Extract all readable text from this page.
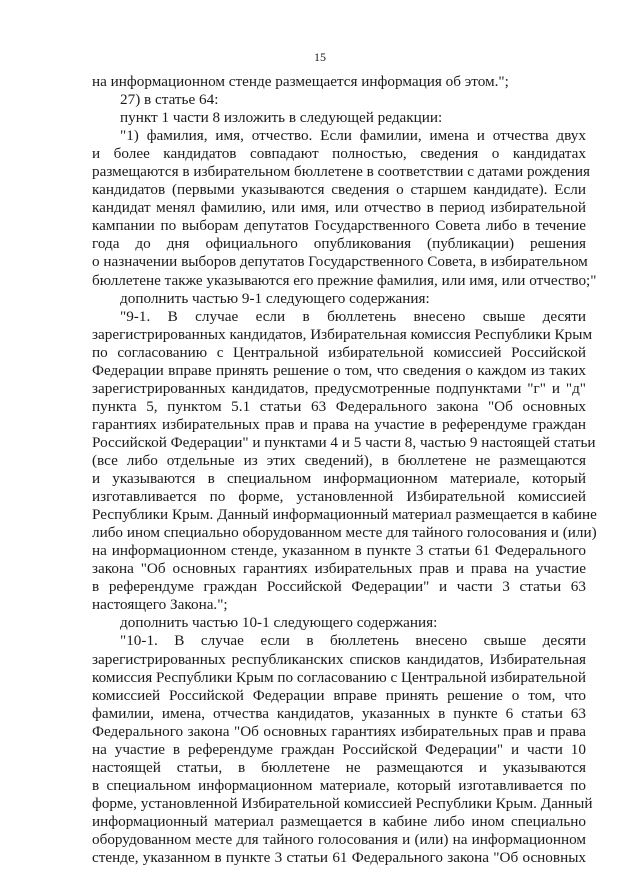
15
на информационном стенде размещается информация об этом.";
27) в статье 64:
пункт 1 части 8 изложить в следующей редакции:
"1) фамилия, имя, отчество. Если фамилии, имена и отчества двух
и более кандидатов совпадают полностью, сведения о кандидатах
размещаются в избирательном бюллетене в соответствии с датами рождения
кандидатов (первыми указываются сведения о старшем кандидате). Если
кандидат менял фамилию, или имя, или отчество в период избирательной
кампании по выборам депутатов Государственного Совета либо в течение
года до дня официального опубликования (публикации) решения
о назначении выборов депутатов Государственного Совета, в избирательном
бюллетене также указываются его прежние фамилия, или имя, или отчество;"
дополнить частью 9-1 следующего содержания:
"9-1. В случае если в бюллетень внесено свыше десяти
зарегистрированных кандидатов, Избирательная комиссия Республики Крым
по согласованию с Центральной избирательной комиссией Российской
Федерации вправе принять решение о том, что сведения о каждом из таких
зарегистрированных кандидатов, предусмотренные подпунктами "г" и "д"
пункта 5, пунктом 5.1 статьи 63 Федерального закона "Об основных
гарантиях избирательных прав и права на участие в референдуме граждан
Российской Федерации" и пунктами 4 и 5 части 8, частью 9 настоящей статьи
(все либо отдельные из этих сведений), в бюллетене не размещаются
и указываются в специальном информационном материале, который
изготавливается по форме, установленной Избирательной комиссией
Республики Крым. Данный информационный материал размещается в кабине
либо ином специально оборудованном месте для тайного голосования и (или)
на информационном стенде, указанном в пункте 3 статьи 61 Федерального
закона "Об основных гарантиях избирательных прав и права на участие
в референдуме граждан Российской Федерации" и части 3 статьи 63
настоящего Закона.";
дополнить частью 10-1 следующего содержания:
"10-1. В случае если в бюллетень внесено свыше десяти
зарегистрированных республиканских списков кандидатов, Избирательная
комиссия Республики Крым по согласованию с Центральной избирательной
комиссией Российской Федерации вправе принять решение о том, что
фамилии, имена, отчества кандидатов, указанных в пункте 6 статьи 63
Федерального закона "Об основных гарантиях избирательных прав и права
на участие в референдуме граждан Российской Федерации" и части 10
настоящей статьи, в бюллетене не размещаются и указываются
в специальном информационном материале, который изготавливается по
форме, установленной Избирательной комиссией Республики Крым. Данный
информационный материал размещается в кабине либо ином специально
оборудованном месте для тайного голосования и (или) на информационном
стенде, указанном в пункте 3 статьи 61 Федерального закона "Об основных
